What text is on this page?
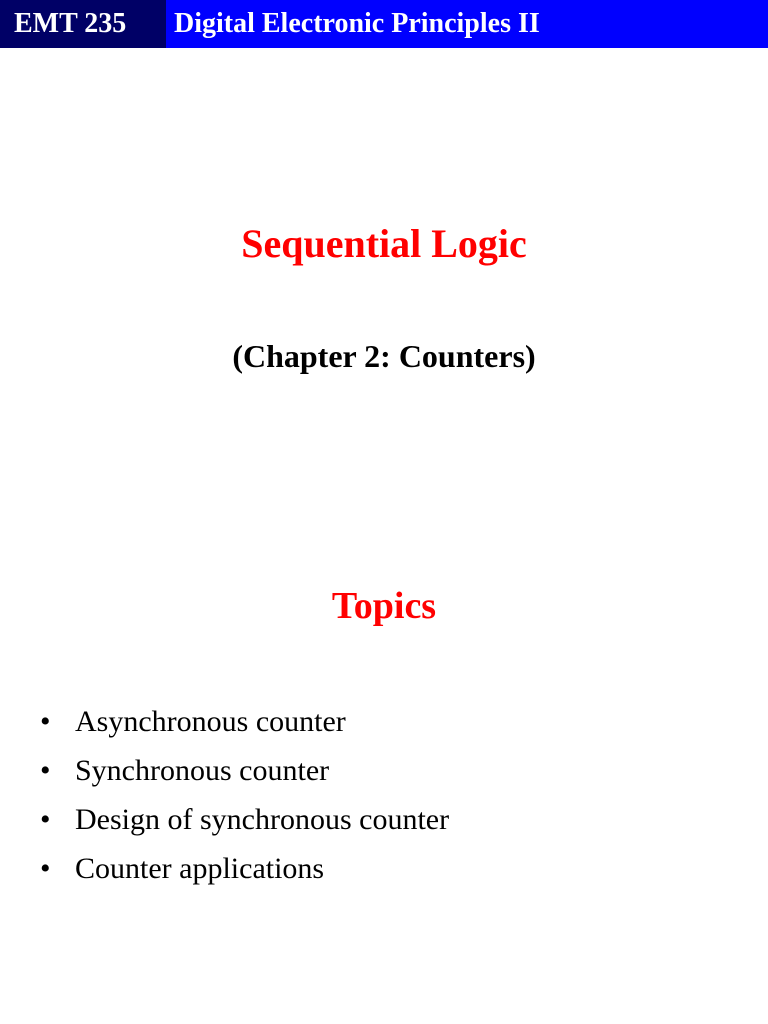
EMT 235	Digital Electronic Principles II
Sequential Logic
(Chapter 2: Counters)
Topics
• Asynchronous counter
• Synchronous counter
• Design of synchronous counter
• Counter applications
